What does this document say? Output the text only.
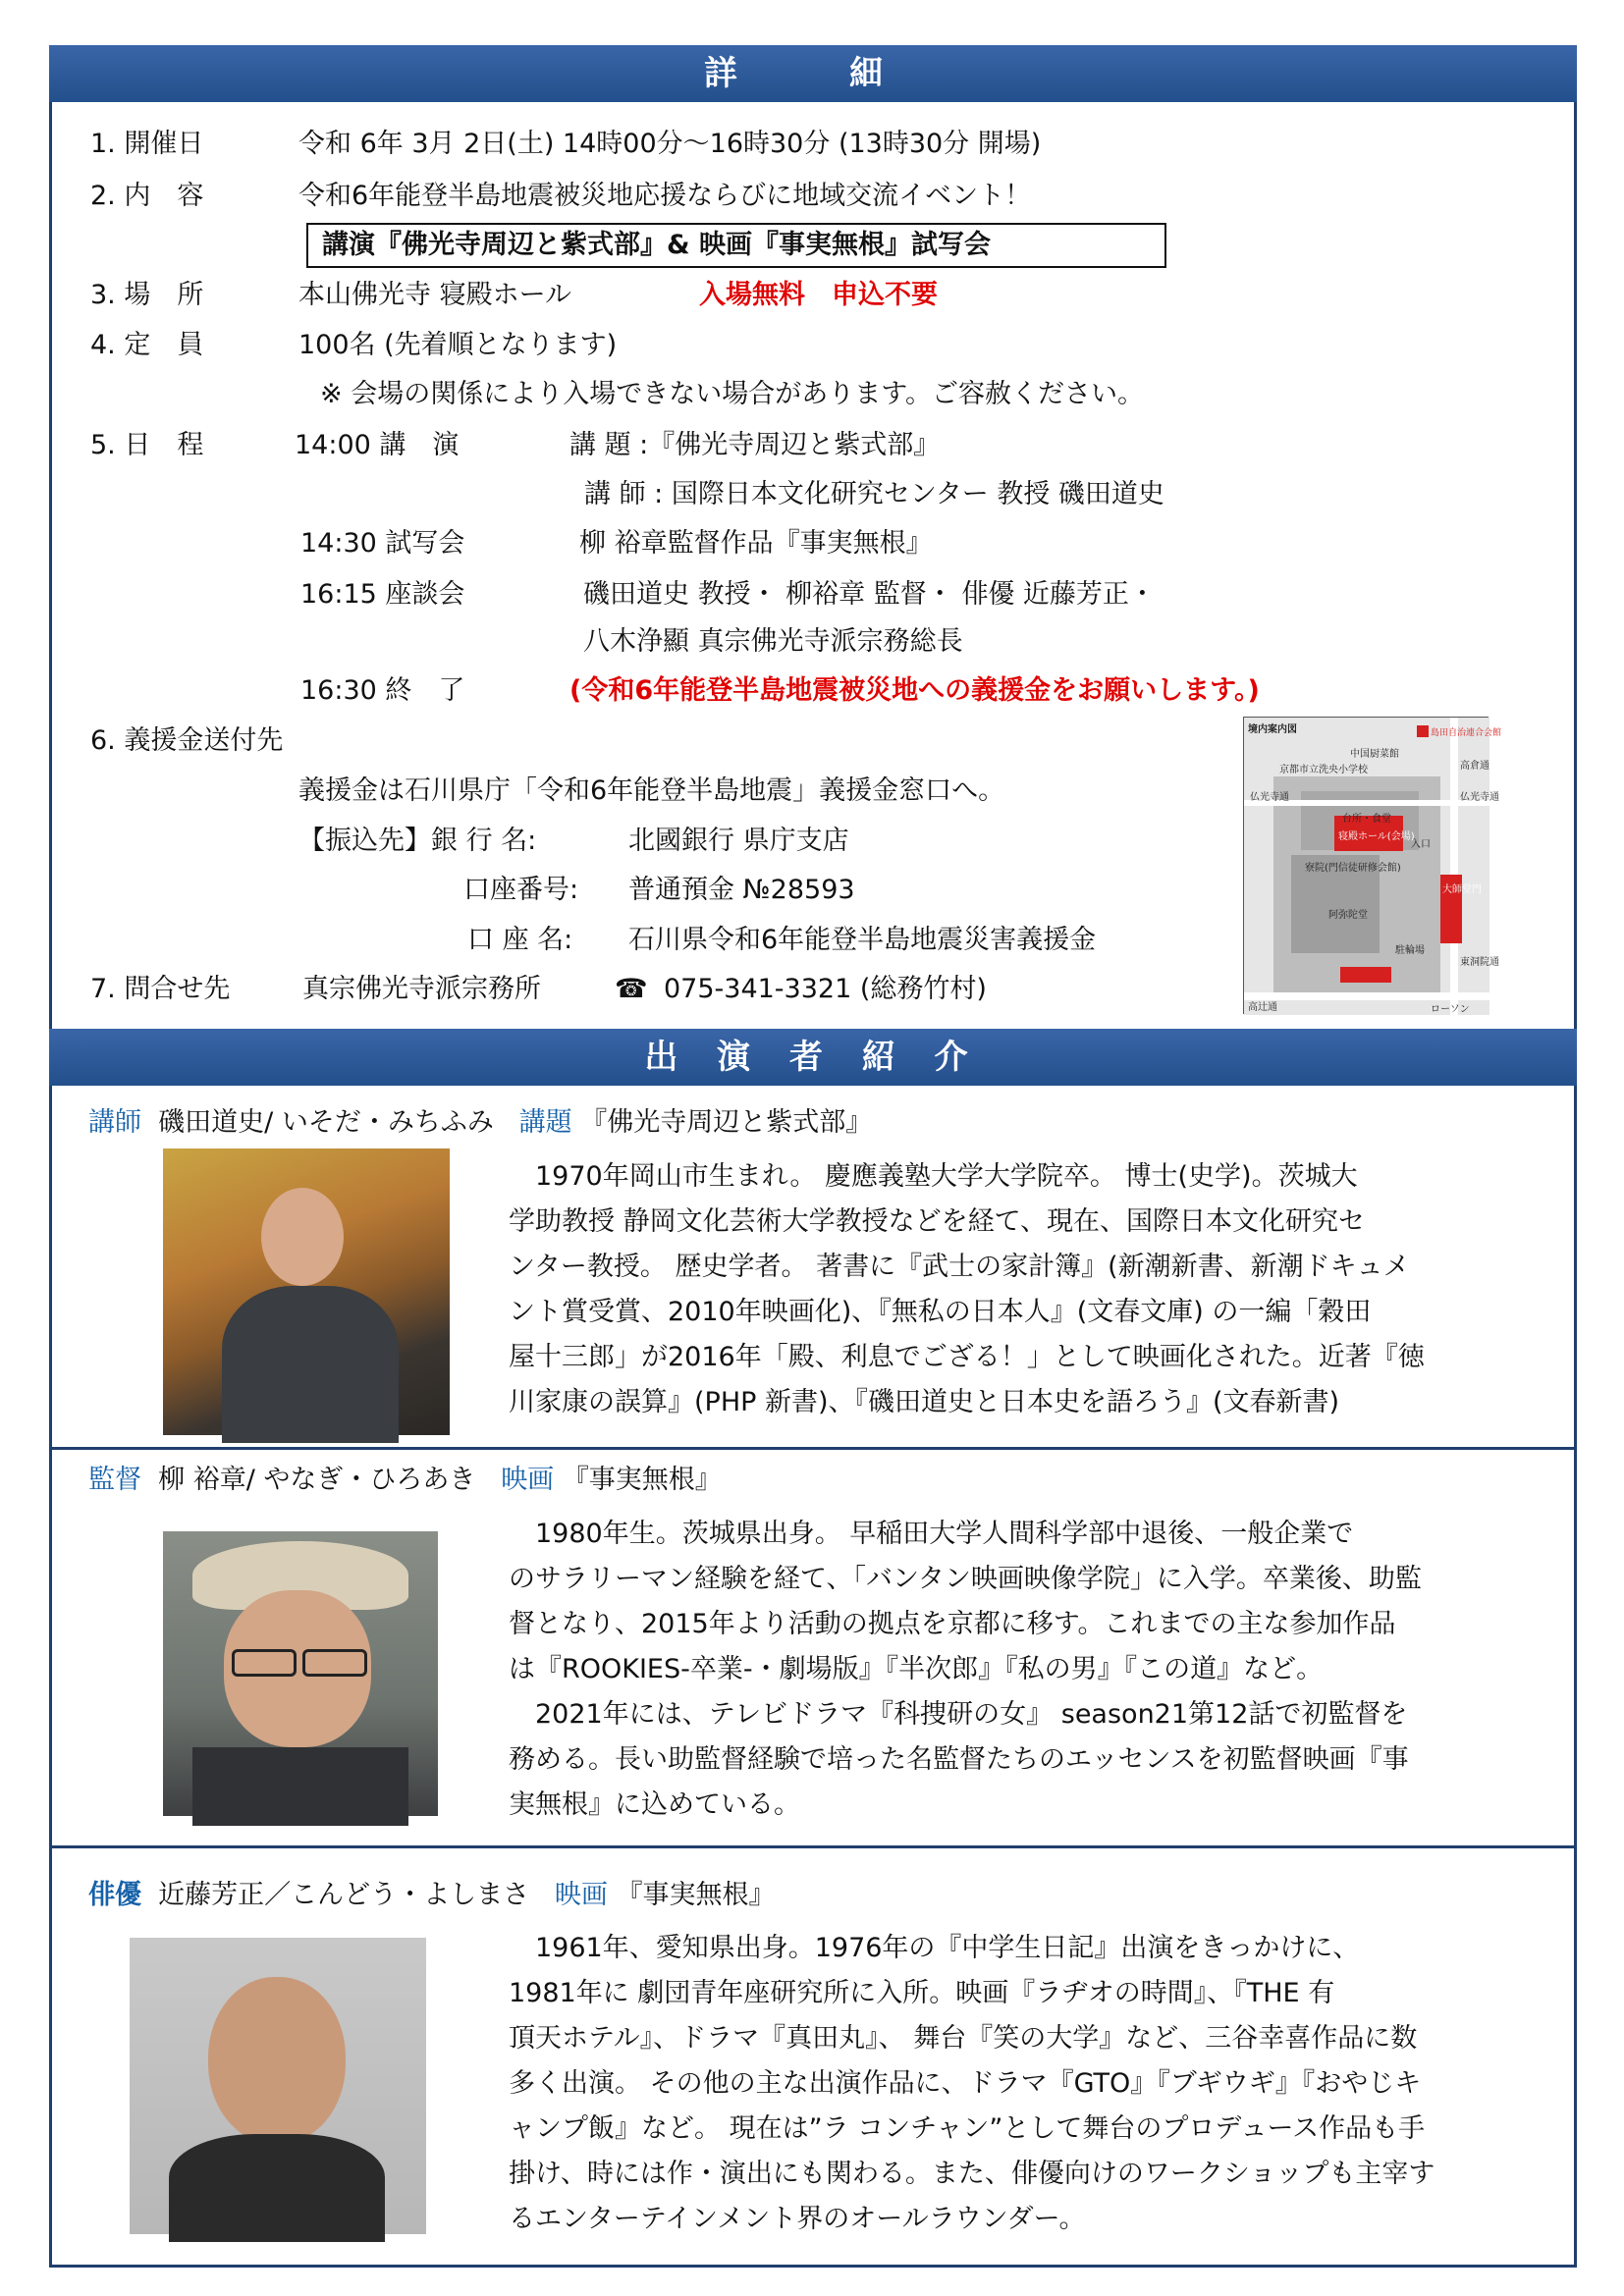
詳　細
1. 開催日	令和 6年 3月 2日(土) 14時00分～16時30分 (13時30分 開場)
2. 内　容	令和6年能登半島地震被災地応援ならびに地域交流イベント！
講演『佛光寺周辺と紫式部』& 映画『事実無根』試写会
3. 場　所	本山佛光寺 寝殿ホール	入場無料　申込不要
4. 定　員	100名 (先着順となります)
※ 会場の関係により入場できない場合があります。ご容赦ください。
5. 日　程	14:00 講　演	講 題 :『佛光寺周辺と紫式部』
講 師 : 国際日本文化研究センター 教授 磯田道史
14:30 試写会	柳 裕章監督作品『事実無根』
16:15 座談会	磯田道史 教授・ 柳裕章 監督・ 俳優 近藤芳正・
八木浄顯 真宗佛光寺派宗務総長
16:30 終　了	(令和6年能登半島地震被災地への義援金をお願いします。)
6. 義援金送付先
義援金は石川県庁「令和6年能登半島地震」義援金窓口へ。
【振込先】銀 行 名:	北國銀行 県庁支店
口座番号: 普通預金 №28593
口 座 名: 石川県令和6年能登半島地震災害義援金
7. 問合せ先	真宗佛光寺派宗務所	☎ 075-341-3321 (総務竹村)
境内案内図	島田自治連合会館
京都市立洗央小学校
中国厨菜館
仏光寺通	仏光寺通
台所・食堂
寝殿ホール(会場)
入口
寮院(門信徒研修会館)
大師堂門
阿弥陀堂
駐輪場
東洞院通
高倉通
高辻通	ローソン
出 演 者 紹 介
講師 磯田道史/ いそだ・みちふみ 講題 『佛光寺周辺と紫式部』

　1970年岡山市生まれ。 慶應義塾大学大学院卒。 博士(史学)。茨城大

学助教授 静岡文化芸術大学教授などを経て、現在、国際日本文化研究セ

ンター教授。 歴史学者。 著書に『武士の家計簿』(新潮新書、新潮ドキュメ

ント賞受賞、2010年映画化)、『無私の日本人』(文春文庫) の一編「穀田

屋十三郎」が2016年「殿、利息でござる！」として映画化された。近著『徳

川家康の誤算』(PHP 新書)、『磯田道史と日本史を語ろう』(文春新書)

監督 柳 裕章/ やなぎ・ひろあき 映画 『事実無根』

　1980年生。茨城県出身。 早稲田大学人間科学部中退後、一般企業で

のサラリーマン経験を経て、「バンタン映画映像学院」に入学。卒業後、助監

督となり、2015年より活動の拠点を京都に移す。これまでの主な参加作品

は『ROOKIES-卒業-・劇場版』『半次郎』『私の男』『この道』など。

　2021年には、テレビドラマ『科捜研の女』 season21第12話で初監督を

務める。長い助監督経験で培った名監督たちのエッセンスを初監督映画『事

実無根』に込めている。

俳優 近藤芳正／こんどう・よしまさ 映画 『事実無根』

　1961年、愛知県出身。1976年の『中学生日記』出演をきっかけに、

1981年に 劇団青年座研究所に入所。映画『ラヂオの時間』、『THE 有

頂天ホテル』、ドラマ『真田丸』、 舞台『笑の大学』など、三谷幸喜作品に数

多く出演。 その他の主な出演作品に、ドラマ『GTO』『ブギウギ』『おやじキ

ャンプ飯』など。 現在は”ラ コンチャン”として舞台のプロデュース作品も手

掛け、時には作・演出にも関わる。また、俳優向けのワークショップも主宰す

るエンターテインメント界のオールラウンダー。
